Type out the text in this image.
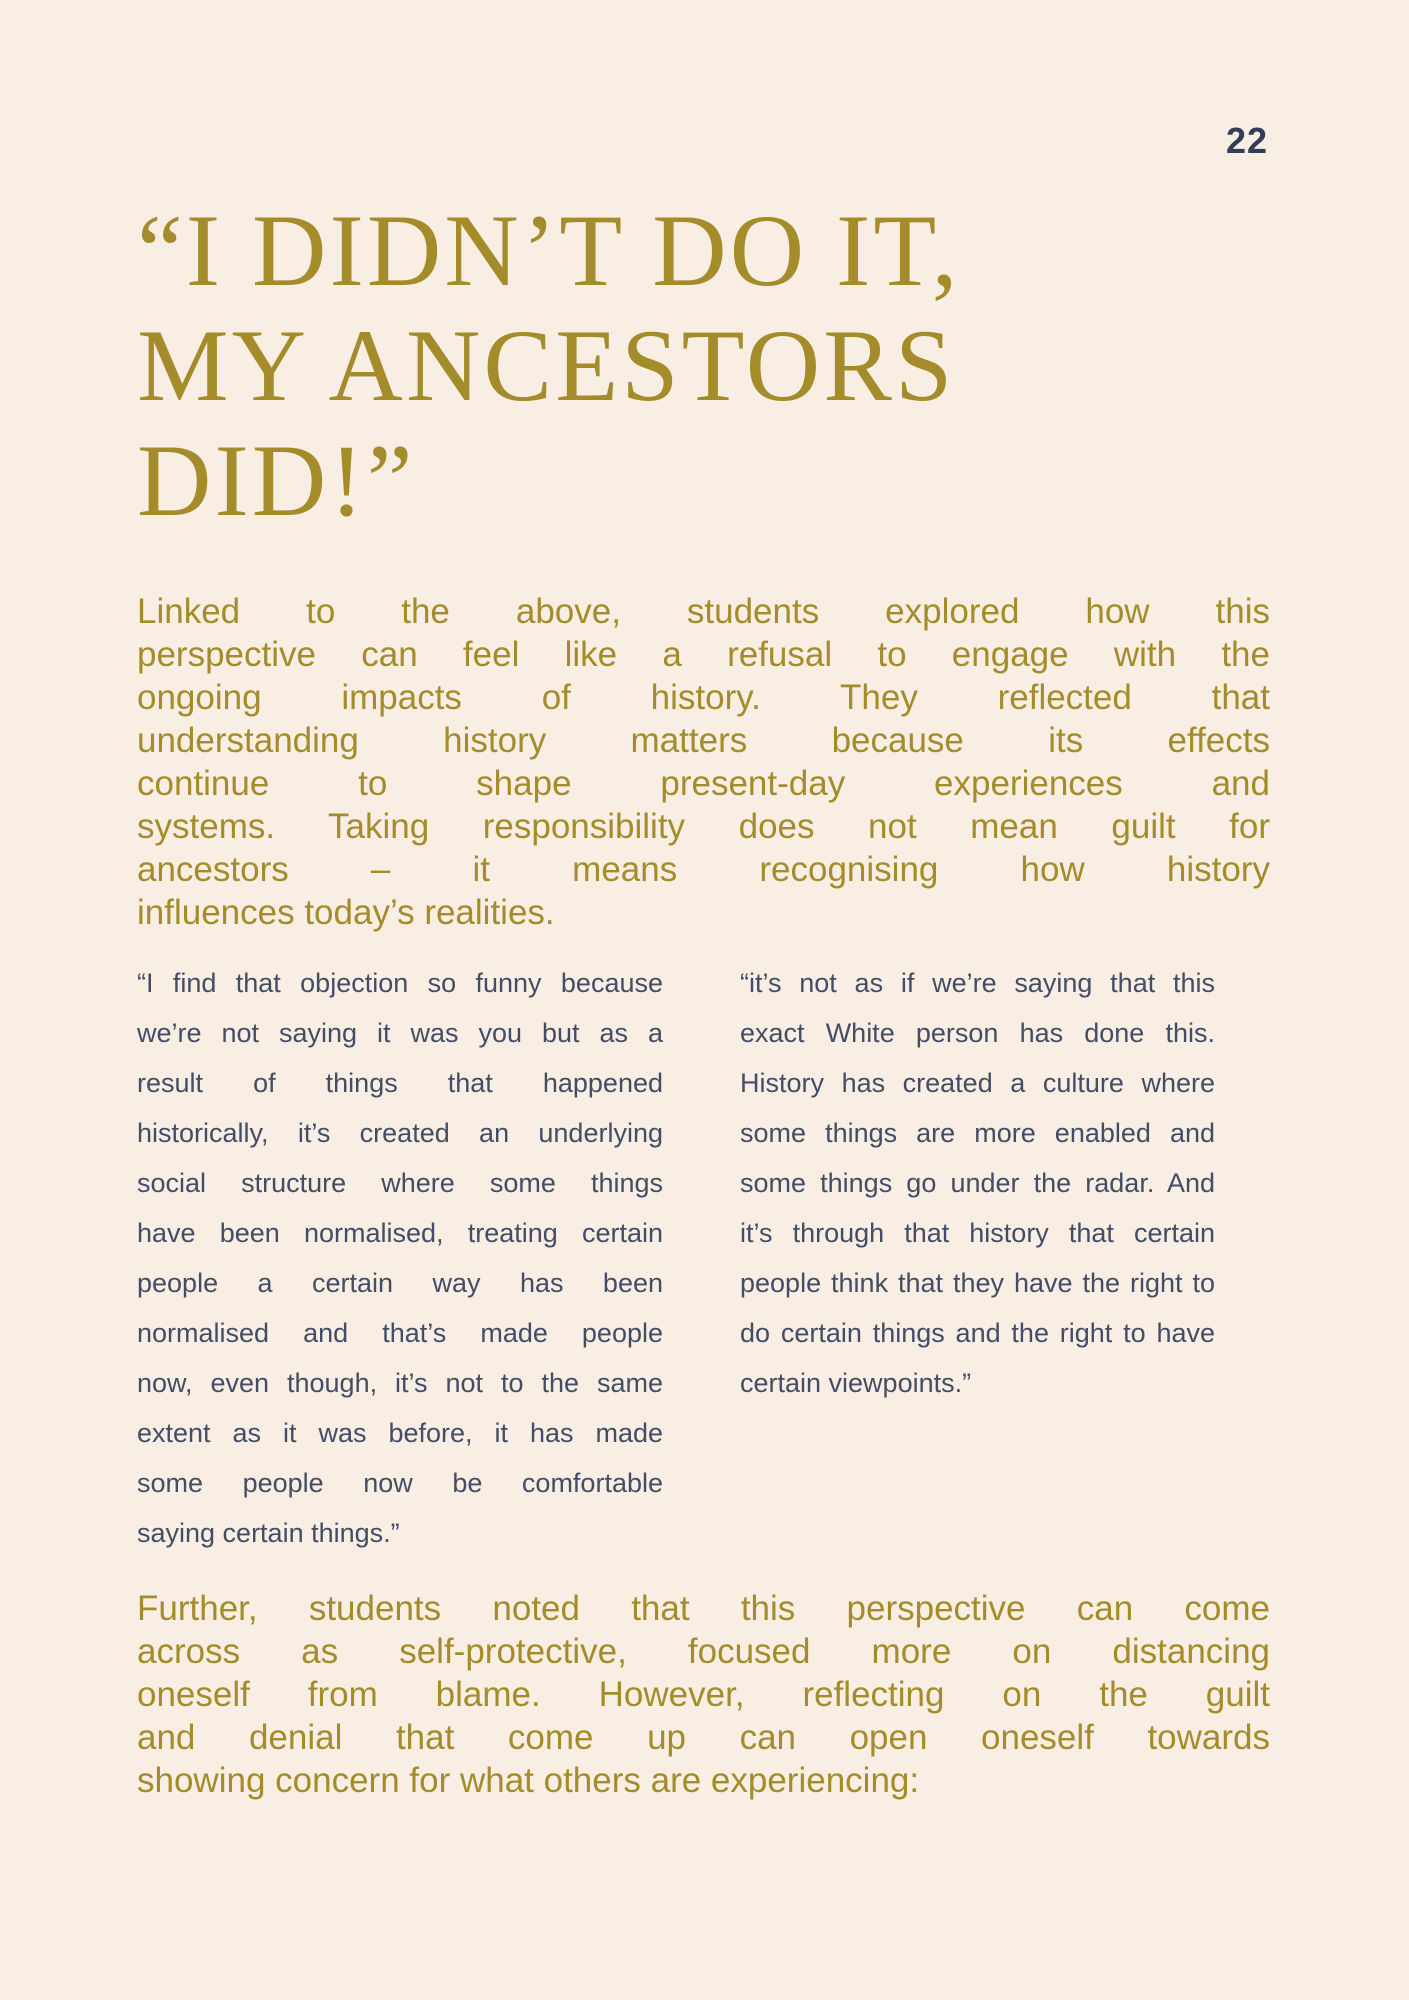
22
“I DIDN’T DO IT,
MY ANCESTORS
DID!”
Linked to the above, students explored how this
perspective can feel like a refusal to engage with the
ongoing impacts of history. They reflected that
understanding history matters because its effects
continue to shape present-day experiences and
systems. Taking responsibility does not mean guilt for
ancestors – it means recognising how history
influences today’s realities.
“I find that objection so funny because
we’re not saying it was you but as a
result of things that happened
historically, it’s created an underlying
social structure where some things
have been normalised, treating certain
people a certain way has been
normalised and that’s made people
now, even though, it’s not to the same
extent as it was before, it has made
some people now be comfortable
saying certain things.”
“it’s not as if we’re saying that this
exact White person has done this.
History has created a culture where
some things are more enabled and
some things go under the radar. And
it’s through that history that certain
people think that they have the right to
do certain things and the right to have
certain viewpoints.”
Further, students noted that this perspective can come
across as self-protective, focused more on distancing
oneself from blame. However, reflecting on the guilt
and denial that come up can open oneself towards
showing concern for what others are experiencing:
